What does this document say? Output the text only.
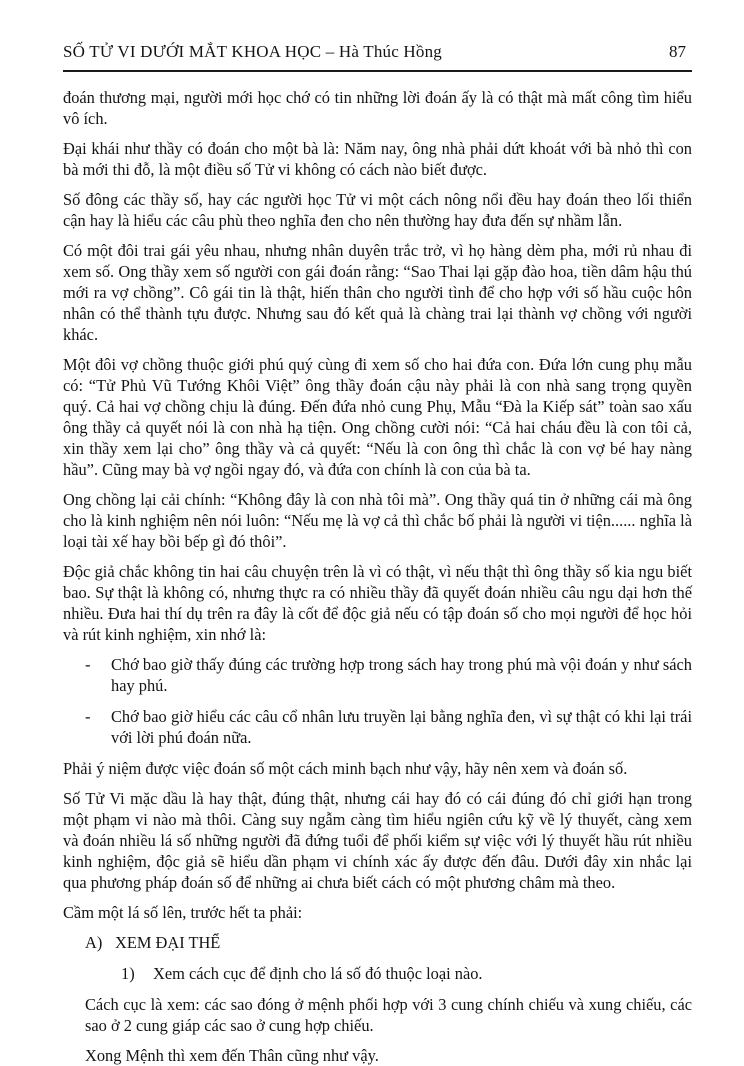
SỐ TỬ VI DƯỚI MẮT KHOA HỌC – Hà Thúc Hồng	87

đoán thương mại, người mới học chớ có tin những lời đoán ấy là có thật mà mất công tìm hiểu vô ích.

Đại khái như thầy có đoán cho một bà là: Năm nay, ông nhà phải dứt khoát với bà nhỏ thì con bà mới thi đỗ, là một điều số Tử vi không có cách nào biết được.

Số đông các thầy số, hay các người học Tử vi một cách nông nổi đều hay đoán theo lối thiển cận hay là hiểu các câu phù theo nghĩa đen cho nên thường hay đưa đến sự nhầm lẫn.

Có một đôi trai gái yêu nhau, nhưng nhân duyên trắc trở, vì họ hàng dèm pha, mới rủ nhau đi xem số. Ong thầy xem số người con gái đoán rằng: “Sao Thai lại gặp đào hoa, tiền dâm hậu thú mới ra vợ chồng”. Cô gái tin là thật, hiến thân cho người tình để cho hợp với số hầu cuộc hôn nhân có thể thành tựu được. Nhưng sau đó kết quả là chàng trai lại thành vợ chồng với người khác.

Một đôi vợ chồng thuộc giới phú quý cùng đi xem số cho hai đứa con. Đứa lớn cung phụ mẫu có: “Tử Phủ Vũ Tướng Khôi Việt” ông thầy đoán cậu này phải là con nhà sang trọng quyền quý. Cả hai vợ chồng chịu là đúng. Đến đứa nhỏ cung Phụ, Mẫu “Đà la Kiếp sát” toàn sao xấu ông thầy cả quyết nói là con nhà hạ tiện. Ong chồng cười nói: “Cả hai cháu đều là con tôi cả, xin thầy xem lại cho” ông thầy và cả quyết: “Nếu là con ông thì chắc là con vợ bé hay nàng hầu”. Cũng may bà vợ ngồi ngay đó, và đứa con chính là con của bà ta.

Ong chồng lại cải chính: “Không đây là con nhà tôi mà”. Ong thầy quá tin ở những cái mà ông cho là kinh nghiệm nên nói luôn: “Nếu mẹ là vợ cả thì chắc bố phải là người vi tiện...... nghĩa là loại tài xế hay bồi bếp gì đó thôi”.

Độc giả chắc không tin hai câu chuyện trên là vì có thật, vì nếu thật thì ông thầy số kia ngu biết bao. Sự thật là không có, nhưng thực ra có nhiều thầy đã quyết đoán nhiều câu ngu dại hơn thế nhiều. Đưa hai thí dụ trên ra đây là cốt để độc giả nếu có tập đoán số cho mọi người để học hỏi và rút kinh nghiệm, xin nhớ là:

-	Chớ bao giờ thấy đúng các trường hợp trong sách hay trong phú mà vội đoán y như sách hay phú.
-	Chớ bao giờ hiểu các câu cổ nhân lưu truyền lại bằng nghĩa đen, vì sự thật có khi lại trái với lời phú đoán nữa.

Phải ý niệm được việc đoán số một cách minh bạch như vậy, hãy nên xem và đoán số.

Số Tử Vi mặc dầu là hay thật, đúng thật, nhưng cái hay đó có cái đúng đó chỉ giới hạn trong một phạm vi nào mà thôi. Càng suy ngẫm càng tìm hiểu ngiên cứu kỹ về lý thuyết, càng xem và đoán nhiều lá số những người đã đứng tuổi để phối kiểm sự việc với lý thuyết hầu rút nhiều kinh nghiệm, độc giả sẽ hiểu dần phạm vi chính xác ấy được đến đâu. Dưới đây xin nhắc lại qua phương pháp đoán số để những ai chưa biết cách có một phương châm mà theo.

Cầm một lá số lên, trước hết ta phải:

A) XEM ĐẠI THỂ
1)	Xem cách cục để định cho lá số đó thuộc loại nào.

Cách cục là xem: các sao đóng ở mệnh phối hợp với 3 cung chính chiếu và xung chiếu, các sao ở 2 cung giáp các sao ở cung hợp chiếu.

Xong Mệnh thì xem đến Thân cũng như vậy.
